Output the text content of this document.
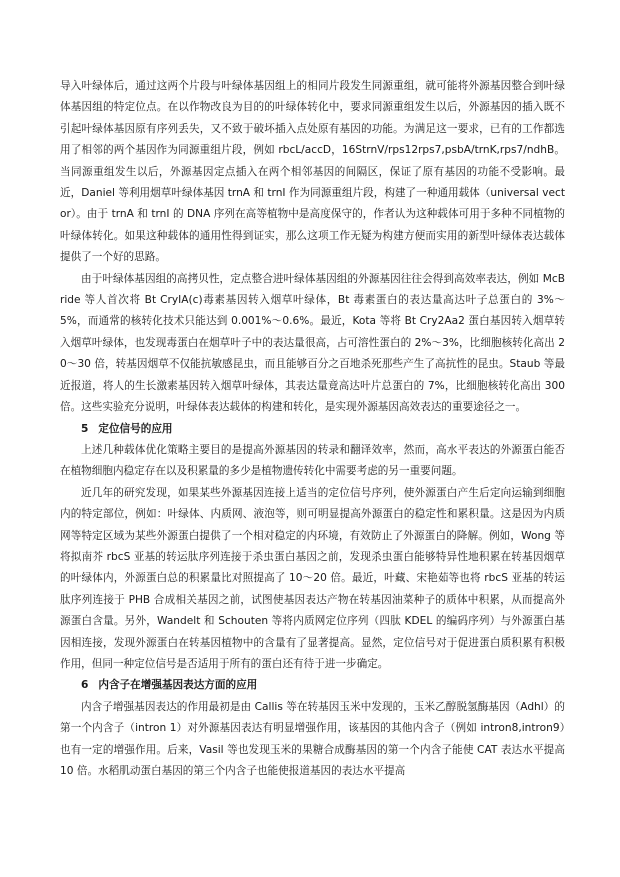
导入叶绿体后，通过这两个片段与叶绿体基因组上的相同片段发生同源重组，就可能将外源基因整合到叶绿体基因组的特定位点。在以作物改良为目的的叶绿体转化中，要求同源重组发生以后，外源基因的插入既不引起叶绿体基因原有序列丢失，又不致于破坏插入点处原有基因的功能。为满足这一要求，已有的工作都选用了相邻的两个基因作为同源重组片段，例如 rbcL/accD，16StrnV/rps12rps7,psbA/trnK,rps7/ndhB。当同源重组发生以后，外源基因定点插入在两个相邻基因的间隔区，保证了原有基因的功能不受影响。最近，Daniel 等利用烟草叶绿体基因 trnA 和 trnI 作为同源重组片段，构建了一种通用载体（universal vector）。由于 trnA 和 trnI 的 DNA 序列在高等植物中是高度保守的，作者认为这种载体可用于多种不同植物的叶绿体转化。如果这种载体的通用性得到证实，那么这项工作无疑为构建方便而实用的新型叶绿体表达载体提供了一个好的思路。

由于叶绿体基因组的高拷贝性，定点整合进叶绿体基因组的外源基因往往会得到高效率表达，例如 McBride 等人首次将 Bt CryIA(c)毒素基因转入烟草叶绿体，Bt 毒素蛋白的表达量高达叶子总蛋白的 3%～5%，而通常的核转化技术只能达到 0.001%～0.6%。最近，Kota 等将 Bt Cry2Aa2 蛋白基因转入烟草转入烟草叶绿体，也发现毒蛋白在烟草叶子中的表达量很高，占可溶性蛋白的 2%～3%，比细胞核转化高出 20～30 倍，转基因烟草不仅能抗敏感昆虫，而且能够百分之百地杀死那些产生了高抗性的昆虫。Staub 等最近报道，将人的生长激素基因转入烟草叶绿体，其表达量竟高达叶片总蛋白的 7%，比细胞核转化高出 300 倍。这些实验充分说明，叶绿体表达载体的构建和转化，是实现外源基因高效表达的重要途径之一。

5 定位信号的应用

上述几种载体优化策略主要目的是提高外源基因的转录和翻译效率，然而，高水平表达的外源蛋白能否在植物细胞内稳定存在以及积累量的多少是植物遗传转化中需要考虑的另一重要问题。

近几年的研究发现，如果某些外源基因连接上适当的定位信号序列，使外源蛋白产生后定向运输到细胞内的特定部位，例如：叶绿体、内质网、液泡等，则可明显提高外源蛋白的稳定性和累积量。这是因为内质网等特定区域为某些外源蛋白提供了一个相对稳定的内环境，有效防止了外源蛋白的降解。例如，Wong 等将拟南芥 rbcS 亚基的转运肽序列连接于杀虫蛋白基因之前，发现杀虫蛋白能够特异性地积累在转基因烟草的叶绿体内，外源蛋白总的积累量比对照提高了 10～20 倍。最近，叶藏、宋艳茹等也将 rbcS 亚基的转运肽序列连接于 PHB 合成相关基因之前，试图使基因表达产物在转基因油菜种子的质体中积累，从而提高外源蛋白含量。另外，Wandelt 和 Schouten 等将内质网定位序列（四肽 KDEL 的编码序列）与外源蛋白基因相连接，发现外源蛋白在转基因植物中的含量有了显著提高。显然，定位信号对于促进蛋白质积累有积极作用，但同一种定位信号是否适用于所有的蛋白还有待于进一步确定。

6 内含子在增强基因表达方面的应用

内含子增强基因表达的作用最初是由 Callis 等在转基因玉米中发现的，玉米乙醇脱氢酶基因（Adhl）的第一个内含子（intron 1）对外源基因表达有明显增强作用，该基因的其他内含子（例如 intron8,intron9）也有一定的增强作用。后来，Vasil 等也发现玉米的果糖合成酶基因的第一个内含子能使 CAT 表达水平提高 10 倍。水稻肌动蛋白基因的第三个内含子也能使报道基因的表达水平提高
